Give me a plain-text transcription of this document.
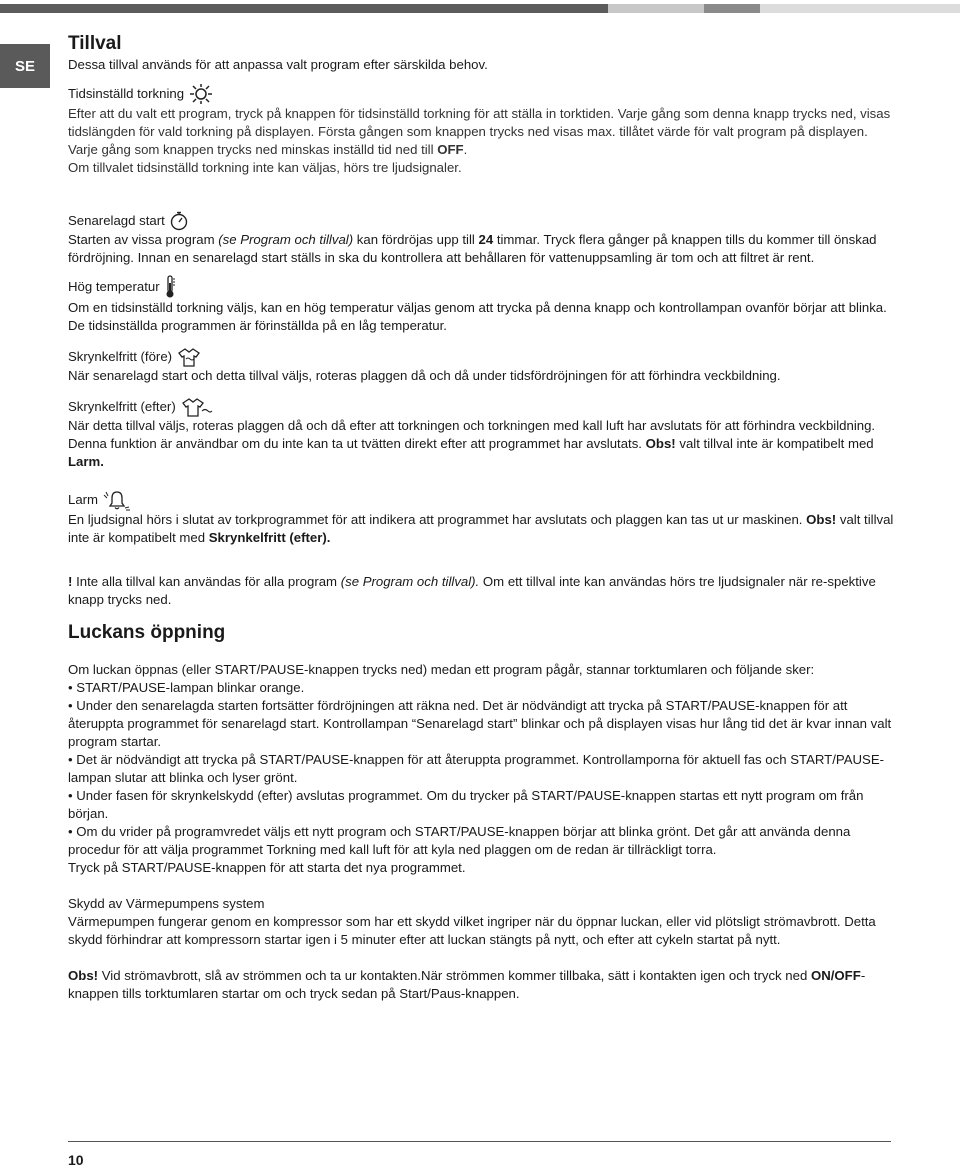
SE
Tillval

Dessa tillval används för att anpassa valt program efter särskilda behov.

Tidsinställd torkning

Efter att du valt ett program, tryck på knappen för tidsinställd torkning för att ställa in torktiden. Varje gång som denna knapp trycks ned, visas tidslängden för vald torkning på displayen. Första gången som knappen trycks ned visas max. tillåtet värde för valt program på displayen. Varje gång som knappen trycks ned minskas inställd tid ned till OFF.

Om tillvalet tidsinställd torkning inte kan väljas, hörs tre ljudsignaler.

Senarelagd start

Starten av vissa program (se Program och tillval) kan fördröjas upp till 24 timmar. Tryck flera gånger på knappen tills du kommer till önskad fördröjning. Innan en senarelagd start ställs in ska du kontrollera att behållaren för vattenuppsamling är tom och att filtret är rent.

Hög temperatur

Om en tidsinställd torkning väljs, kan en hög temperatur väljas genom att trycka på denna knapp och kontrollampan ovanför börjar att blinka. De tidsinställda programmen är förinställda på en låg temperatur.

Skrynkelfritt (före)

När senarelagd start och detta tillval väljs, roteras plaggen då och då under tidsfördröjningen för att förhindra veckbildning.

Skrynkelfritt (efter)

När detta tillval väljs, roteras plaggen då och då efter att torkningen och torkningen med kall luft har avslutats för att förhindra veckbildning. Denna funktion är användbar om du inte kan ta ut tvätten direkt efter att programmet har avslutats. Obs! valt tillval inte är kompatibelt med Larm.

Larm

En ljudsignal hörs i slutat av torkprogrammet för att indikera att programmet har avslutats och plaggen kan tas ut ur maskinen. Obs! valt tillval inte är kompatibelt med Skrynkelfritt (efter).

! Inte alla tillval kan användas för alla program (se Program och tillval). Om ett tillval inte kan användas hörs tre ljudsignaler när re-spektive knapp trycks ned.

Luckans öppning

Om luckan öppnas (eller START/PAUSE-knappen trycks ned) medan ett program pågår, stannar torktumlaren och följande sker:

• START/PAUSE-lampan blinkar orange.

• Under den senarelagda starten fortsätter fördröjningen att räkna ned. Det är nödvändigt att trycka på START/PAUSE-knappen för att återuppta programmet för senarelagd start. Kontrollampan “Senarelagd start” blinkar och på displayen visas hur lång tid det är kvar innan valt program startar.

• Det är nödvändigt att trycka på START/PAUSE-knappen för att återuppta programmet. Kontrollamporna för aktuell fas och START/PAUSE-lampan slutar att blinka och lyser grönt.

• Under fasen för skrynkelskydd (efter) avslutas programmet. Om du trycker på START/PAUSE-knappen startas ett nytt program om från början.

• Om du vrider på programvredet väljs ett nytt program och START/PAUSE-knappen börjar att blinka grönt. Det går att använda denna procedur för att välja programmet Torkning med kall luft för att kyla ned plaggen om de redan är tillräckligt torra.

Tryck på START/PAUSE-knappen för att starta det nya programmet.

Skydd av Värmepumpens system

Värmepumpen fungerar genom en kompressor som har ett skydd vilket ingriper när du öppnar luckan, eller vid plötsligt strömavbrott. Detta skydd förhindrar att kompressorn startar igen i 5 minuter efter att luckan stängts på nytt, och efter att cykeln startat på nytt.

Obs! Vid strömavbrott, slå av strömmen och ta ur kontakten.När strömmen kommer tillbaka, sätt i kontakten igen och tryck ned ON/OFF-knappen tills torktumlaren startar om och tryck sedan på Start/Paus-knappen.

10
